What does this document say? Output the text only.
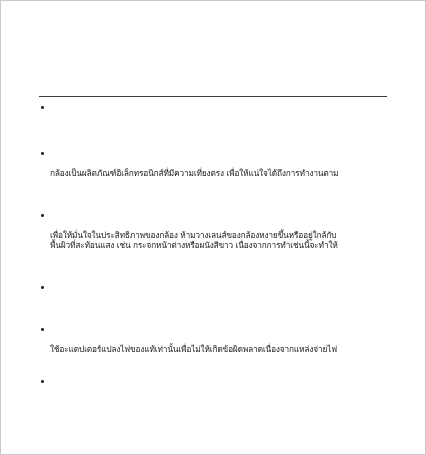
กล้องเป็นผลิตภัณฑ์อิเล็กทรอนิกส์ที่มีความเที่ยงตรง เพื่อให้แน่ใจได้ถึงการทำงานตาม

เพื่อให้มั่นใจในประสิทธิภาพของกล้อง ห้ามวางเลนส์ของกล้องหงายขึ้นหรืออยู่ใกล้กับ
พื้นผิวที่สะท้อนแสง เช่น กระจกหน้าต่างหรือผนังสีขาว เนื่องจากการทำเช่นนี้จะทำให้

ใช้อะแดปเตอร์แปลงไฟของแท้เท่านั้นเพื่อไม่ให้เกิดข้อผิดพลาดเนื่องจากแหล่งจ่ายไฟ
